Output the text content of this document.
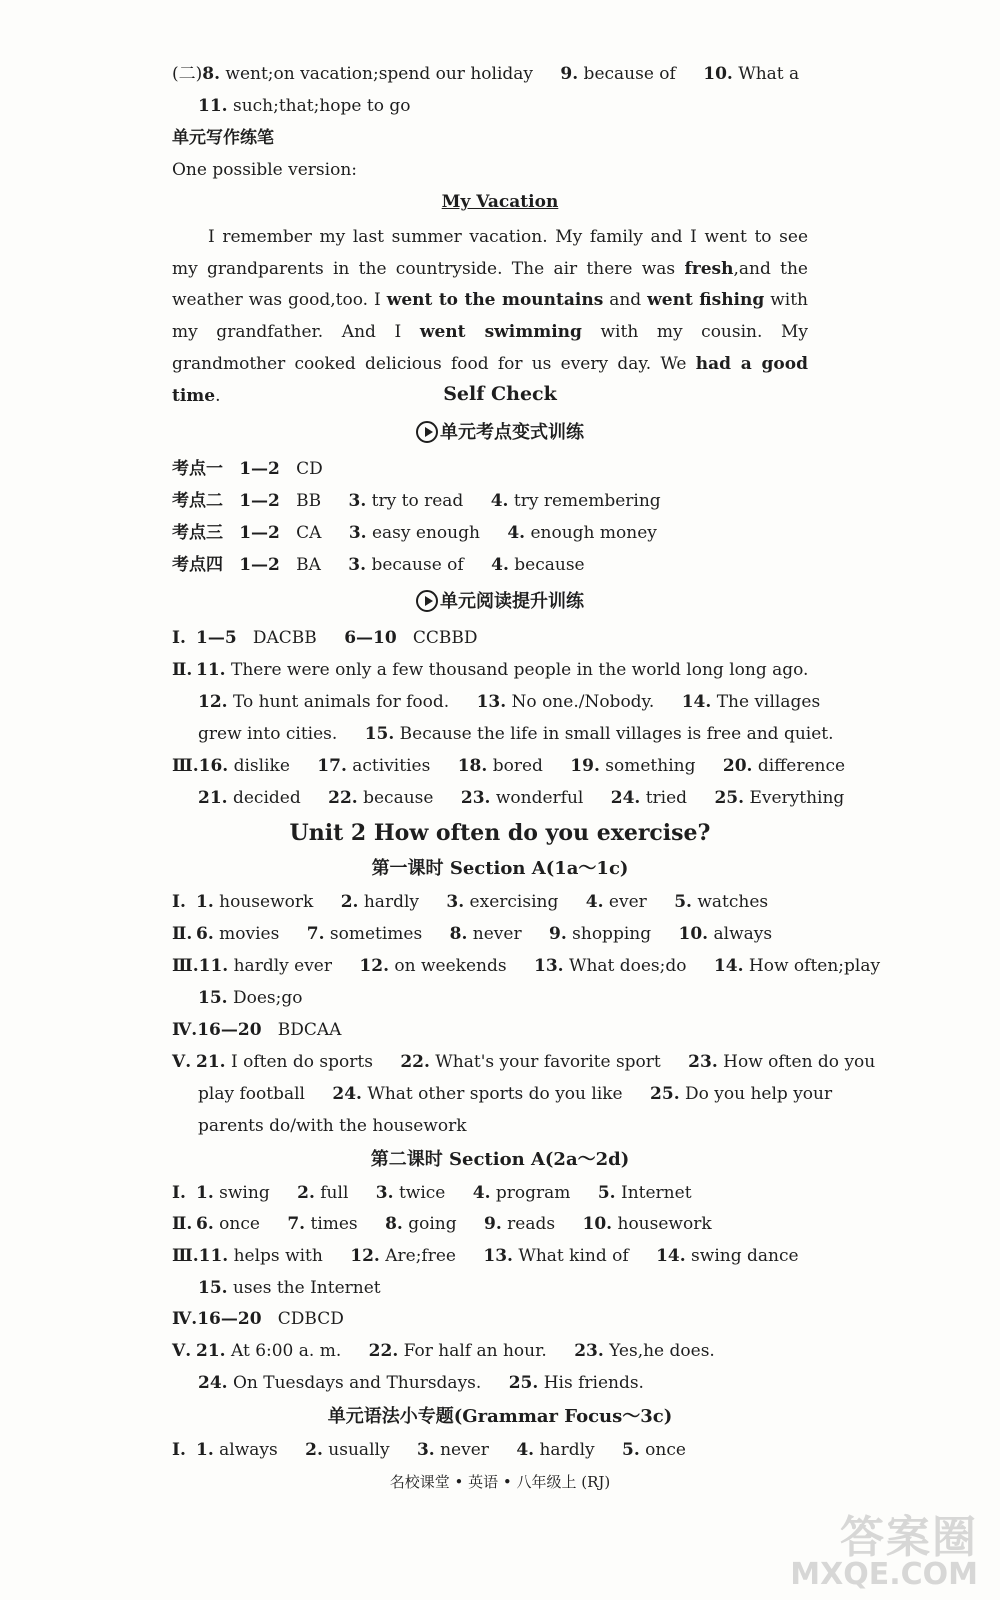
(二)8. went;on vacation;spend our holiday 9. because of 10. What a
11. such;that;hope to go
单元写作练笔
One possible version:
My Vacation
I remember my last summer vacation. My family and I went to see my grandparents in the countryside. The air there was fresh,and the weather was good,too. I went to the mountains and went fishing with my grandfather. And I went swimming with my cousin. My grandmother cooked delicious food for us every day. We had a good time.	Self Check
单元考点变式训练
考点一 1—2 CD
考点二 1—2 BB 3. try to read 4. try remembering
考点三 1—2 CA 3. easy enough 4. enough money
考点四 1—2 BA 3. because of 4. because
单元阅读提升训练
Ⅰ. 1—5 DACBB 6—10 CCBBD
Ⅱ. 11. There were only a few thousand people in the world long long ago.
12. To hunt animals for food. 13. No one./Nobody. 14. The villages
grew into cities. 15. Because the life in small villages is free and quiet.
Ⅲ.16. dislike 17. activities 18. bored 19. something 20. difference
21. decided 22. because 23. wonderful 24. tried 25. Everything
Unit 2 How often do you exercise?
第一课时 Section A(1a～1c)
Ⅰ. 1. housework 2. hardly 3. exercising 4. ever 5. watches
Ⅱ. 6. movies 7. sometimes 8. never 9. shopping 10. always
Ⅲ.11. hardly ever 12. on weekends 13. What does;do 14. How often;play
15. Does;go
Ⅳ.16—20 BDCAA
Ⅴ. 21. I often do sports 22. What's your favorite sport 23. How often do you
play football 24. What other sports do you like 25. Do you help your
parents do/with the housework
第二课时 Section A(2a～2d)
Ⅰ. 1. swing 2. full 3. twice 4. program 5. Internet
Ⅱ. 6. once 7. times 8. going 9. reads 10. housework
Ⅲ.11. helps with 12. Are;free 13. What kind of 14. swing dance
15. uses the Internet
Ⅳ.16—20 CDBCD
Ⅴ. 21. At 6:00 a. m. 22. For half an hour. 23. Yes,he does.
24. On Tuesdays and Thursdays. 25. His friends.
单元语法小专题(Grammar Focus～3c)
Ⅰ. 1. always 2. usually 3. never 4. hardly 5. once
名校课堂 • 英语 • 八年级上 (RJ)
答案圈
MXQE.COM
